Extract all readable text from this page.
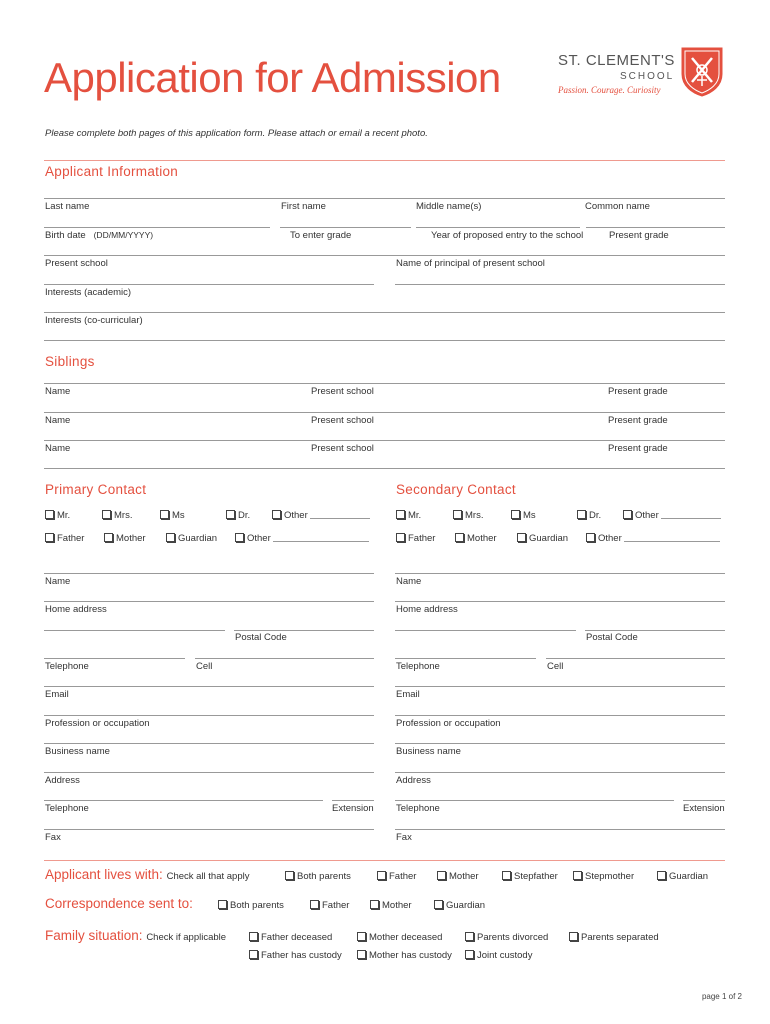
Application for Admission	ST. CLEMENT'S
SCHOOL
Passion. Courage. Curiosity
Please complete both pages of this application form. Please attach or email a recent photo.
Applicant Information
Last name	First name	Middle name(s)	Common name
Birth date (DD/MM/YYYY)	To enter grade	Year of proposed entry to the school	Present grade
Present school	Name of principal of present school
Interests (academic)
Interests (co-curricular)
Siblings
Name	Present school	Present grade
Name	Present school	Present grade
Name	Present school	Present grade
Primary Contact
Mr.	Mrs.	Ms	Dr.	Other
Father	Mother	Guardian	Other
Name
Home address
Postal Code
Telephone	Cell
Email
Profession or occupation
Business name
Address
Telephone	Extension
Fax
Secondary Contact
Mr.	Mrs.	Ms	Dr.	Other
Father	Mother	Guardian	Other
Name
Home address
Postal Code
Telephone	Cell
Email
Profession or occupation
Business name
Address
Telephone	Extension
Fax
Applicant lives with: Check all that apply	Both parents	Father	Mother	Stepfather	Stepmother	Guardian
Correspondence sent to:	Both parents	Father	Mother	Guardian
Family situation: Check if applicable	Father deceased	Mother deceased	Parents divorced	Parents separated
Father has custody	Mother has custody	Joint custody
page 1 of 2
